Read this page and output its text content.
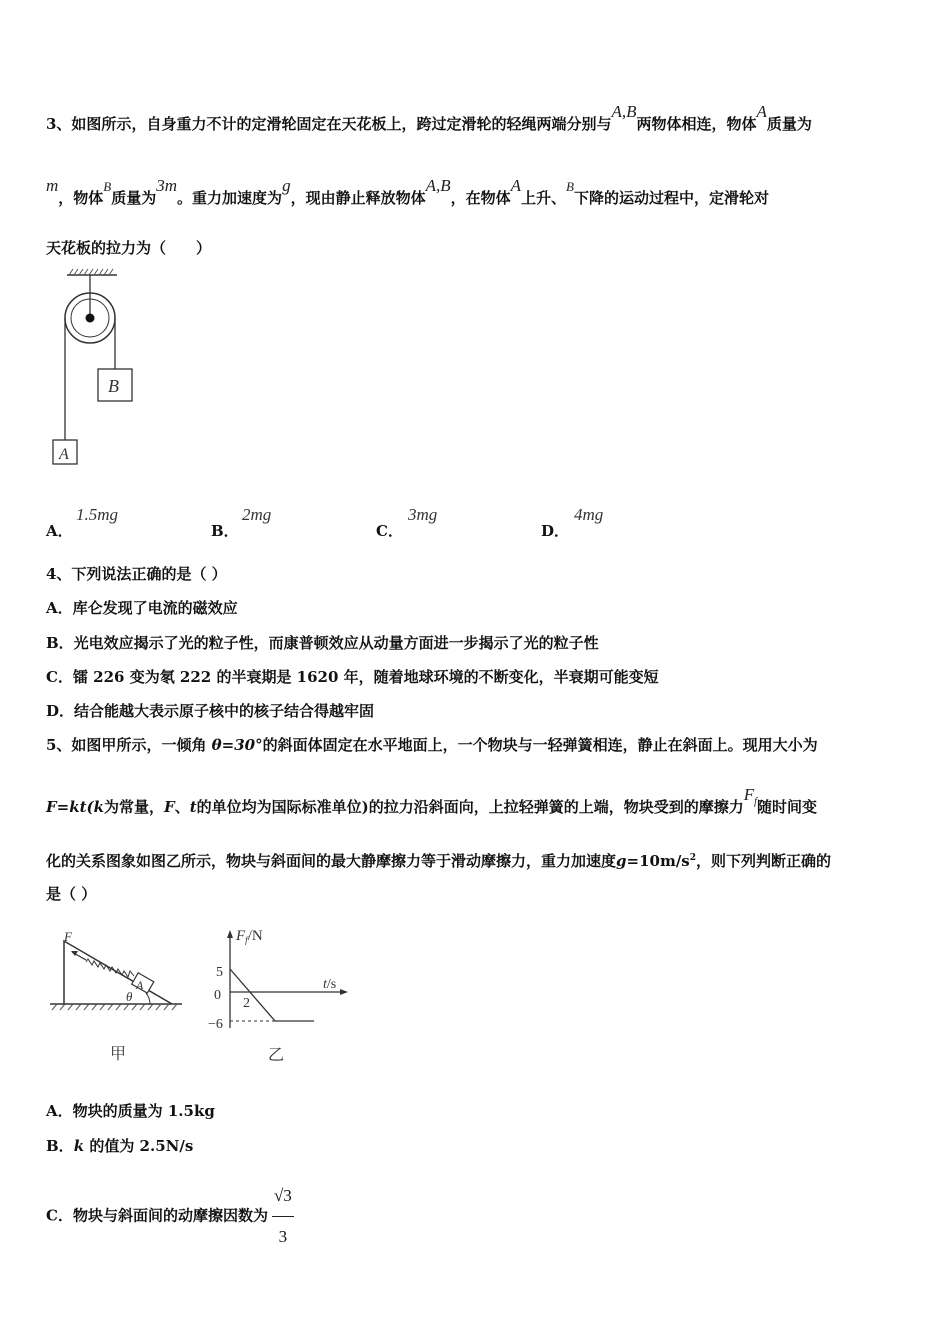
3、如图所示，自身重力不计的定滑轮固定在天花板上，跨过定滑轮的轻绳两端分别与A,B两物体相连，物体A质量为
m，物体B质量为3m。重力加速度为g，现由静止释放物体A,B，在物体A上升、B下降的运动过程中，定滑轮对
天花板的拉力为（　　）
B
A
A．
1.5mg
B．
2mg
C．
3mg
D．
4mg
4、下列说法正确的是（ ）
A．库仑发现了电流的磁效应
B．光电效应揭示了光的粒子性，而康普顿效应从动量方面进一步揭示了光的粒子性
C．镭 226 变为氡 222 的半衰期是 1620 年，随着地球环境的不断变化，半衰期可能变短
D．结合能越大表示原子核中的核子结合得越牢固
5、如图甲所示，一倾角 θ=30°的斜面体固定在水平地面上，一个物块与一轻弹簧相连，静止在斜面上。现用大小为
F=kt(k为常量，F、t的单位均为国际标准单位)的拉力沿斜面向，上拉轻弹簧的上端，物块受到的摩擦力$F_f$随时间变
化的关系图象如图乙所示，物块与斜面间的最大静摩擦力等于滑动摩擦力，重力加速度$g=10m/s^2$，则下列判断正确的
是（ ）
A
F
θ
甲
$F_f/N$
t/s
5
0
−6
2
乙
A．物块的质量为 1.5kg
B．k 的值为 2.5N/s
C．物块与斜面间的动摩擦因数为 $\frac{√3}{3}$
